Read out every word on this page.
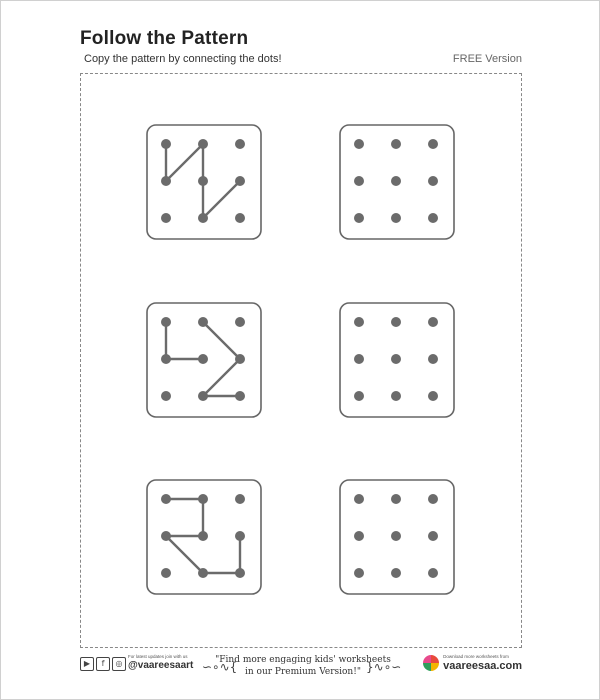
Follow the Pattern
Copy the pattern by connecting the dots!	FREE Version
▶	f	◎
For latest updates join with us
@vaareesaart ∽∘∿{
"Find more engaging kids' worksheets
in our Premium Version!" }∿∘∽
Download more worksheets from
vaareesaa.com
